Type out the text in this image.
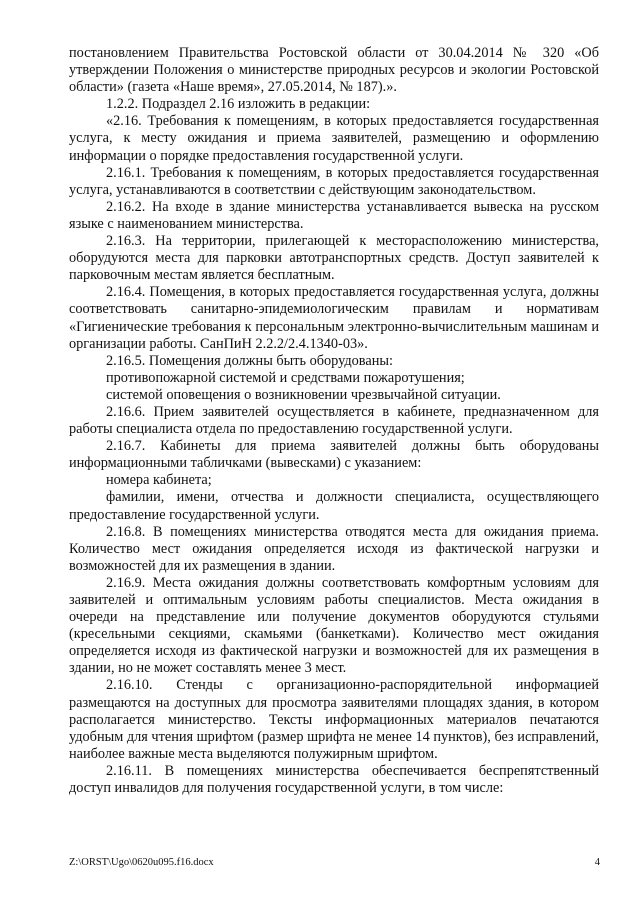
постановлением Правительства Ростовской области от 30.04.2014 № 320 «Об утверждении Положения о министерстве природных ресурсов и экологии Ростовской области» (газета «Наше время», 27.05.2014, № 187).».

1.2.2. Подраздел 2.16 изложить в редакции:

«2.16. Требования к помещениям, в которых предоставляется государственная услуга, к месту ожидания и приема заявителей, размещению и оформлению информации о порядке предоставления государственной услуги.

2.16.1. Требования к помещениям, в которых предоставляется государственная услуга, устанавливаются в соответствии с действующим законодательством.

2.16.2. На входе в здание министерства устанавливается вывеска на русском языке с наименованием министерства.

2.16.3. На территории, прилегающей к месторасположению министерства, оборудуются места для парковки автотранспортных средств. Доступ заявителей к парковочным местам является бесплатным.

2.16.4. Помещения, в которых предоставляется государственная услуга, должны соответствовать санитарно-эпидемиологическим правилам и нормативам «Гигиенические требования к персональным электронно-вычислительным машинам и организации работы. СанПиН 2.2.2/2.4.1340-03».

2.16.5. Помещения должны быть оборудованы:

противопожарной системой и средствами пожаротушения;

системой оповещения о возникновении чрезвычайной ситуации.

2.16.6. Прием заявителей осуществляется в кабинете, предназначенном для работы специалиста отдела по предоставлению государственной услуги.

2.16.7. Кабинеты для приема заявителей должны быть оборудованы информационными табличками (вывесками) с указанием:

номера кабинета;

фамилии, имени, отчества и должности специалиста, осуществляющего предоставление государственной услуги.

2.16.8. В помещениях министерства отводятся места для ожидания приема. Количество мест ожидания определяется исходя из фактической нагрузки и возможностей для их размещения в здании.

2.16.9. Места ожидания должны соответствовать комфортным условиям для заявителей и оптимальным условиям работы специалистов. Места ожидания в очереди на представление или получение документов оборудуются стульями (кресельными секциями, скамьями (банкетками). Количество мест ожидания определяется исходя из фактической нагрузки и возможностей для их размещения в здании, но не может составлять менее 3 мест.

2.16.10. Стенды с организационно-распорядительной информацией размещаются на доступных для просмотра заявителями площадях здания, в котором располагается министерство. Тексты информационных материалов печатаются удобным для чтения шрифтом (размер шрифта не менее 14 пунктов), без исправлений, наиболее важные места выделяются полужирным шрифтом.

2.16.11. В помещениях министерства обеспечивается беспрепятственный доступ инвалидов для получения государственной услуги, в том числе:

Z:\ORST\Ugo\0620u095.f16.docx	4
